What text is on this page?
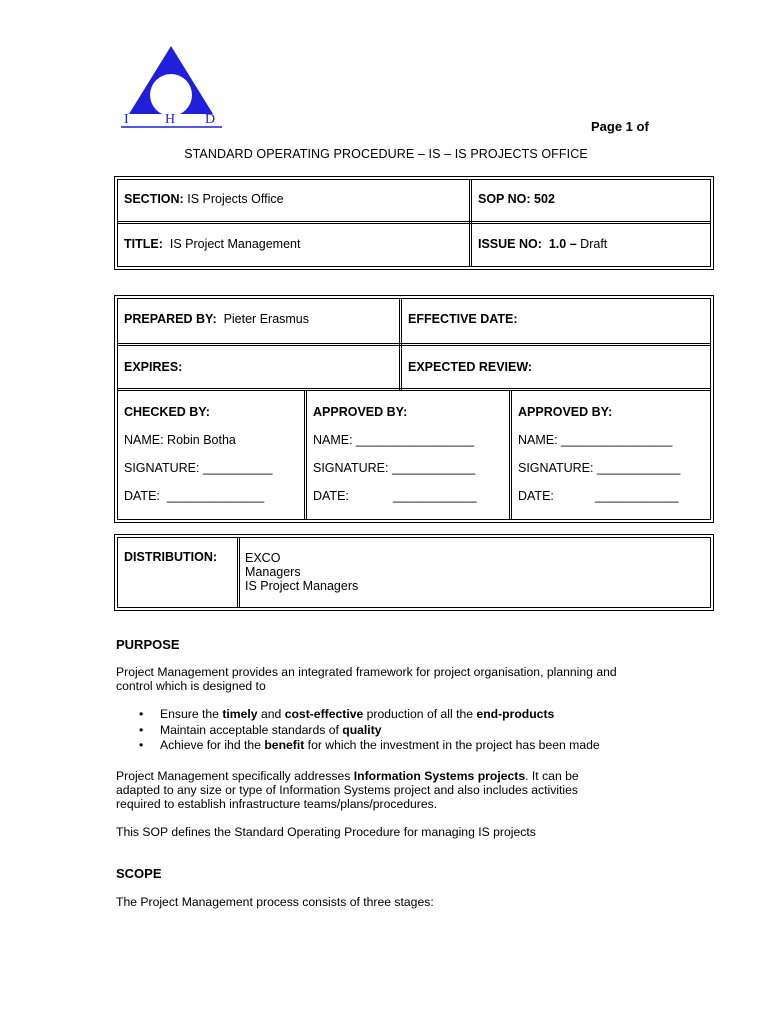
I	H D	Page 1 of
STANDARD OPERATING PROCEDURE – IS – IS PROJECTS OFFICE
SECTION: IS Projects Office	SOP NO: 502
TITLE: IS Project Management	ISSUE NO: 1.0 – Draft
PREPARED BY: Pieter Erasmus	EFFECTIVE DATE:
EXPIRES:	EXPECTED REVIEW:
CHECKED BY:
NAME: Robin Botha
SIGNATURE: __________
DATE:  ______________
APPROVED BY:
NAME: _________________
SIGNATURE: ____________
DATE:	____________
APPROVED BY:
NAME: ________________
SIGNATURE: ____________
DATE:	____________
DISTRIBUTION: EXCO
Managers
IS Project Managers
PURPOSE
Project Management provides an integrated framework for project organisation, planning and
control which is designed to
• Ensure the timely and cost-effective production of all the end-products
• Maintain acceptable standards of quality
• Achieve for ihd the benefit for which the investment in the project has been made
Project Management specifically addresses Information Systems projects. It can be
adapted to any size or type of Information Systems project and also includes activities
required to establish infrastructure teams/plans/procedures.
This SOP defines the Standard Operating Procedure for managing IS projects
SCOPE
The Project Management process consists of three stages:
